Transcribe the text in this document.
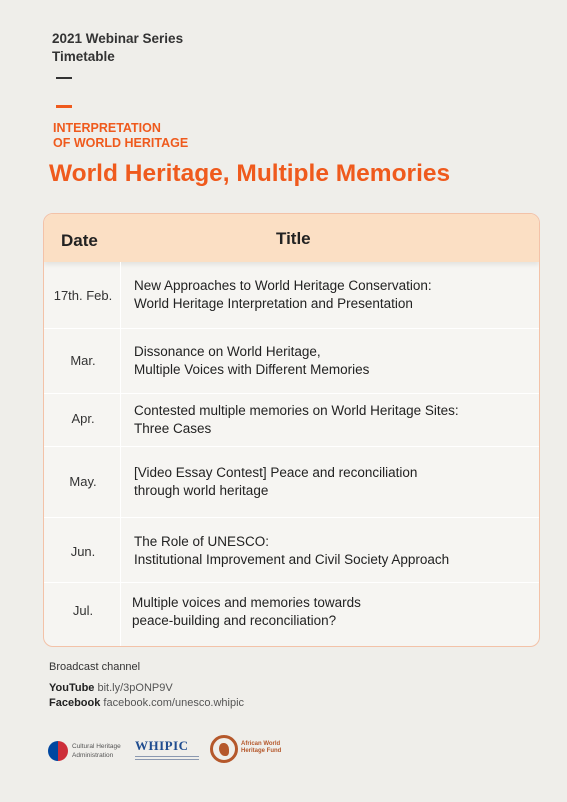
2021 Webinar Series
Timetable
INTERPRETATION
OF WORLD HERITAGE
World Heritage, Multiple Memories
Date	Title
17th. Feb.
New Approaches to World Heritage Conservation:
World Heritage Interpretation and Presentation
Mar.
Dissonance on World Heritage,
Multiple Voices with Different Memories
Apr.
Contested multiple memories on World Heritage Sites:
Three Cases
May.
[Video Essay Contest] Peace and reconciliation
through world heritage
Jun.
The Role of UNESCO:
Institutional Improvement and Civil Society Approach
Jul.
Multiple voices and memories towards
peace-building and reconciliation?
Broadcast channel
YouTube bit.ly/3pONP9V
Facebook facebook.com/unesco.whipic
Cultural Heritage
Administration
WHIPIC	African World
Heritage Fund
